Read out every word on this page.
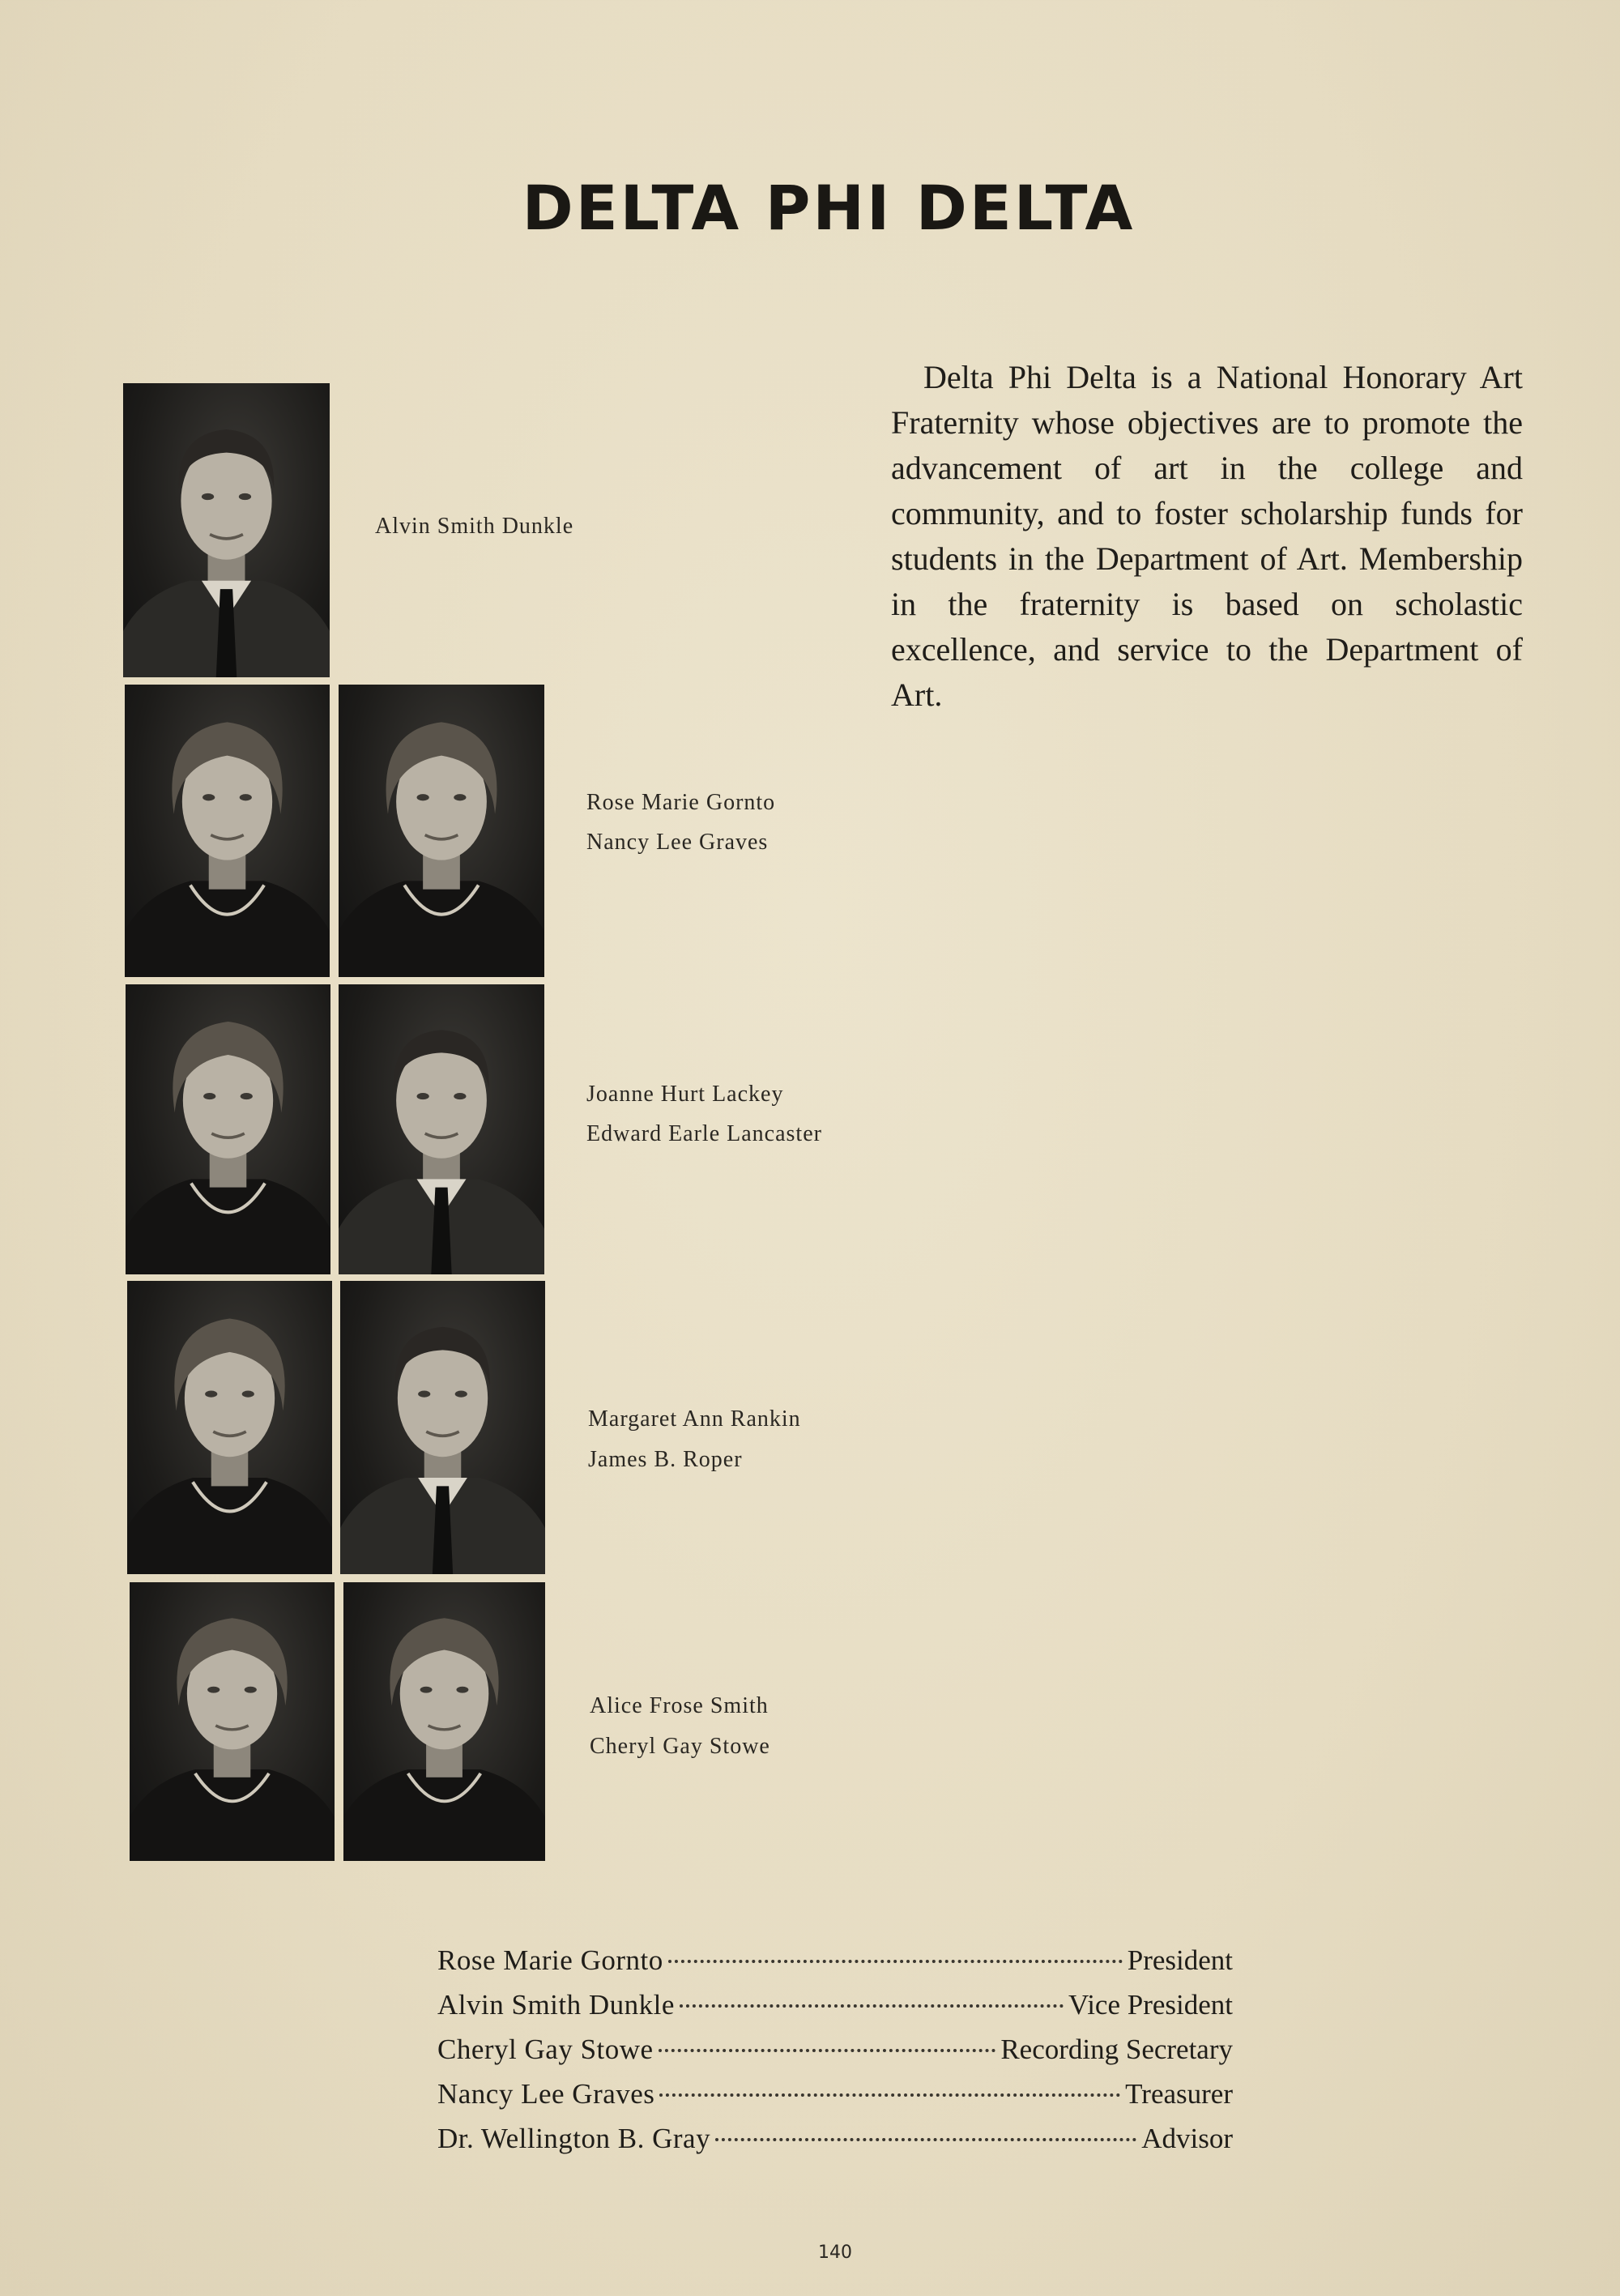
DELTA PHI DELTA

Delta Phi Delta is a National Honorary Art Fraternity whose objectives are to promote the advancement of art in the college and community, and to foster scholarship funds for students in the Department of Art. Membership in the fraternity is based on scholastic excellence, and service to the Department of Art.

Alvin Smith Dunkle
Rose Marie Gornto
Nancy Lee Graves
Joanne Hurt Lackey
Edward Earle Lancaster
Margaret Ann Rankin
James B. Roper
Alice Frose Smith
Cheryl Gay Stowe
Rose Marie Gornto	President
Alvin Smith Dunkle	Vice President
Cheryl Gay Stowe	Recording Secretary
Nancy Lee Graves	Treasurer
Dr. Wellington B. Gray	Advisor
140
